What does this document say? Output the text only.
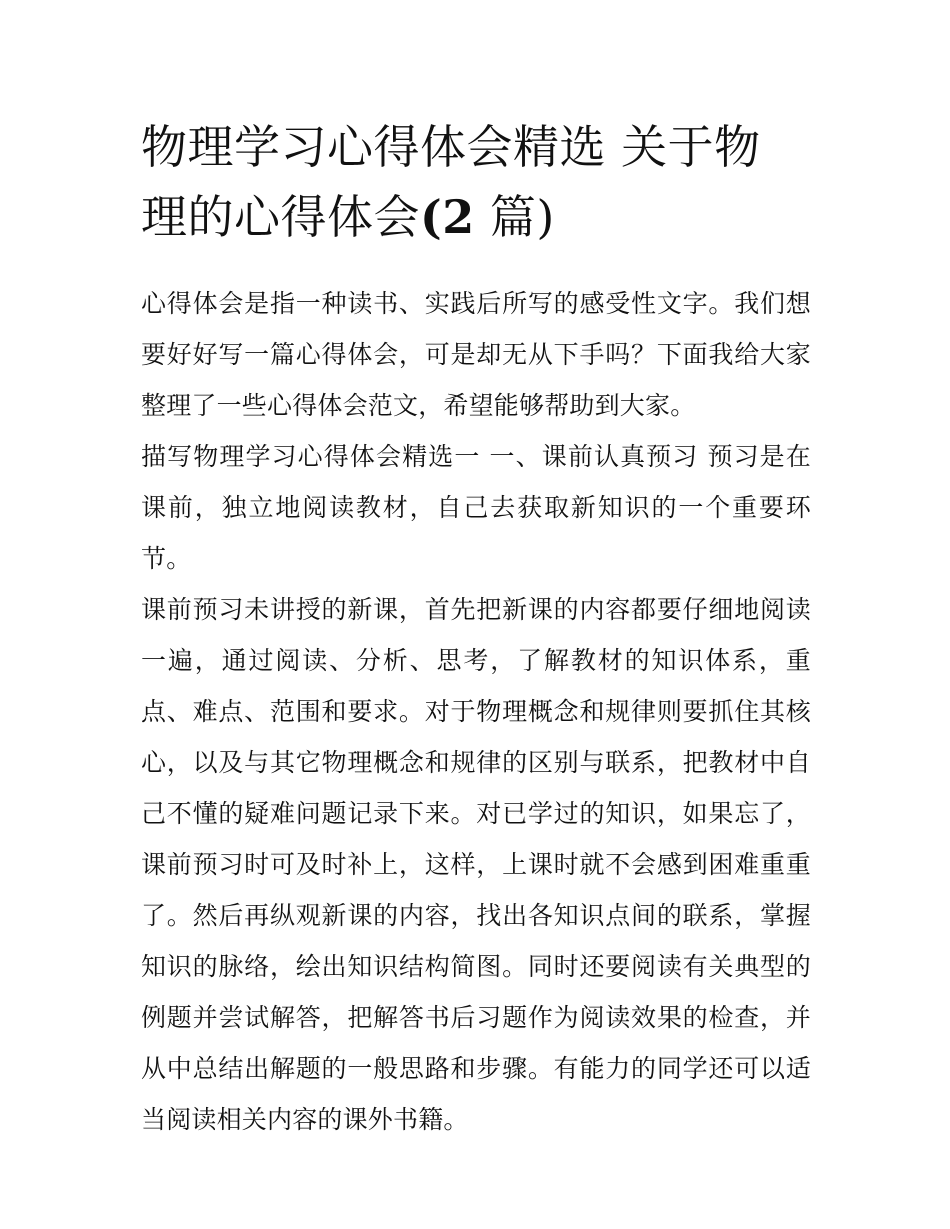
物理学习心得体会精选 关于物
理的心得体会(2 篇)

心得体会是指一种读书、实践后所写的感受性文字。我们想要好好写一篇心得体会，可是却无从下手吗？下面我给大家整理了一些心得体会范文，希望能够帮助到大家。

描写物理学习心得体会精选一 一、课前认真预习 预习是在课前，独立地阅读教材，自己去获取新知识的一个重要环节。

课前预习未讲授的新课，首先把新课的内容都要仔细地阅读一遍，通过阅读、分析、思考，了解教材的知识体系，重点、难点、范围和要求。对于物理概念和规律则要抓住其核心，以及与其它物理概念和规律的区别与联系，把教材中自己不懂的疑难问题记录下来。对已学过的知识，如果忘了，课前预习时可及时补上，这样，上课时就不会感到困难重重了。然后再纵观新课的内容，找出各知识点间的联系，掌握知识的脉络，绘出知识结构简图。同时还要阅读有关典型的例题并尝试解答，把解答书后习题作为阅读效果的检查，并从中总结出解题的一般思路和步骤。有能力的同学还可以适当阅读相关内容的课外书籍。
